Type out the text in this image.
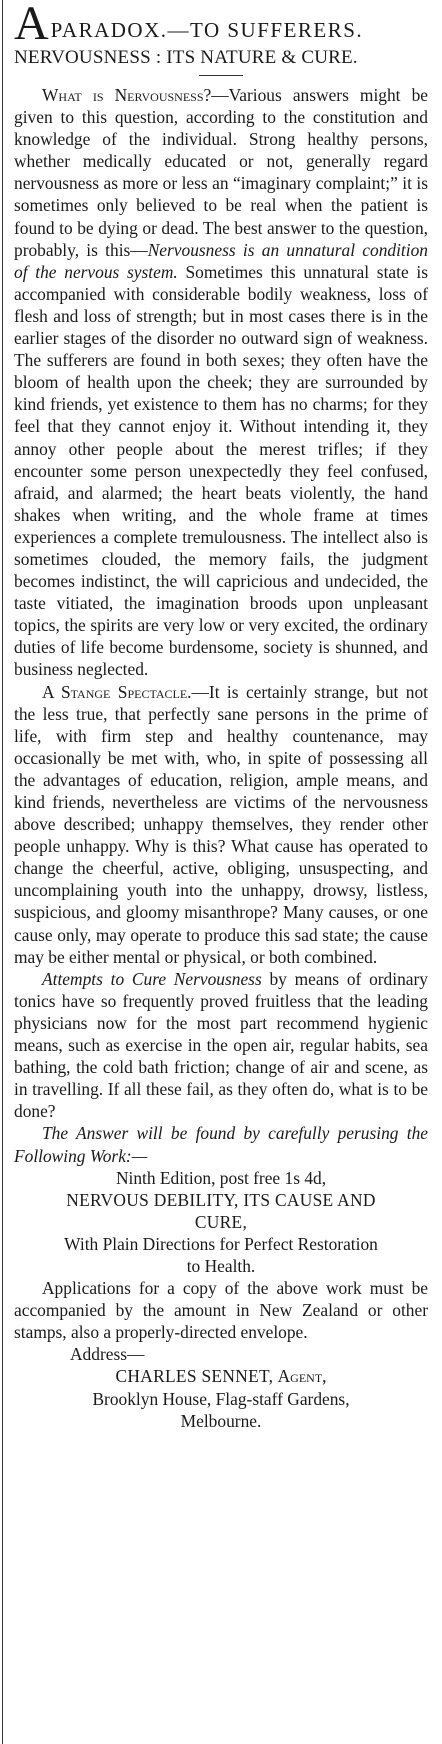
A PARADOX.—TO SUFFERERS.
NERVOUSNESS : ITS NATURE & CURE.

What is Nervousness?—Various answers might be given to this question, according to the constitution and knowledge of the individual. Strong healthy persons, whether medically educated or not, generally regard nervousness as more or less an “imaginary complaint;” it is sometimes only believed to be real when the patient is found to be dying or dead. The best answer to the question, probably, is this—Nervousness is an unnatural condition of the nervous system. Sometimes this unnatural state is accompanied with considerable bodily weakness, loss of flesh and loss of strength; but in most cases there is in the earlier stages of the disorder no outward sign of weakness. The sufferers are found in both sexes; they often have the bloom of health upon the cheek; they are surrounded by kind friends, yet existence to them has no charms; for they feel that they cannot enjoy it. Without intending it, they annoy other people about the merest trifles; if they encounter some person unexpectedly they feel confused, afraid, and alarmed; the heart beats violently, the hand shakes when writing, and the whole frame at times experiences a complete tremulousness. The intellect also is sometimes clouded, the memory fails, the judgment becomes indistinct, the will capricious and undecided, the taste vitiated, the imagination broods upon unpleasant topics, the spirits are very low or very excited, the ordinary duties of life become burdensome, society is shunned, and business neglected.

A Stange Spectacle.—It is certainly strange, but not the less true, that perfectly sane persons in the prime of life, with firm step and healthy countenance, may occasionally be met with, who, in spite of possessing all the advantages of education, religion, ample means, and kind friends, nevertheless are victims of the nervousness above described; unhappy themselves, they render other people unhappy. Why is this? What cause has operated to change the cheerful, active, obliging, unsuspecting, and uncomplaining youth into the unhappy, drowsy, listless, suspicious, and gloomy misanthrope? Many causes, or one cause only, may operate to produce this sad state; the cause may be either mental or physical, or both combined.

Attempts to Cure Nervousness by means of ordinary tonics have so frequently proved fruitless that the leading physicians now for the most part recommend hygienic means, such as exercise in the open air, regular habits, sea bathing, the cold bath friction; change of air and scene, as in travelling. If all these fail, as they often do, what is to be done?

The Answer will be found by carefully perusing the Following Work:—

Ninth Edition, post free 1s 4d,

NERVOUS DEBILITY, ITS CAUSE AND

CURE,

With Plain Directions for Perfect Restoration

to Health.

Applications for a copy of the above work must be accompanied by the amount in New Zealand or other stamps, also a properly-directed envelope.

Address—

CHARLES SENNET, Agent,

Brooklyn House, Flag-staff Gardens,

Melbourne.
